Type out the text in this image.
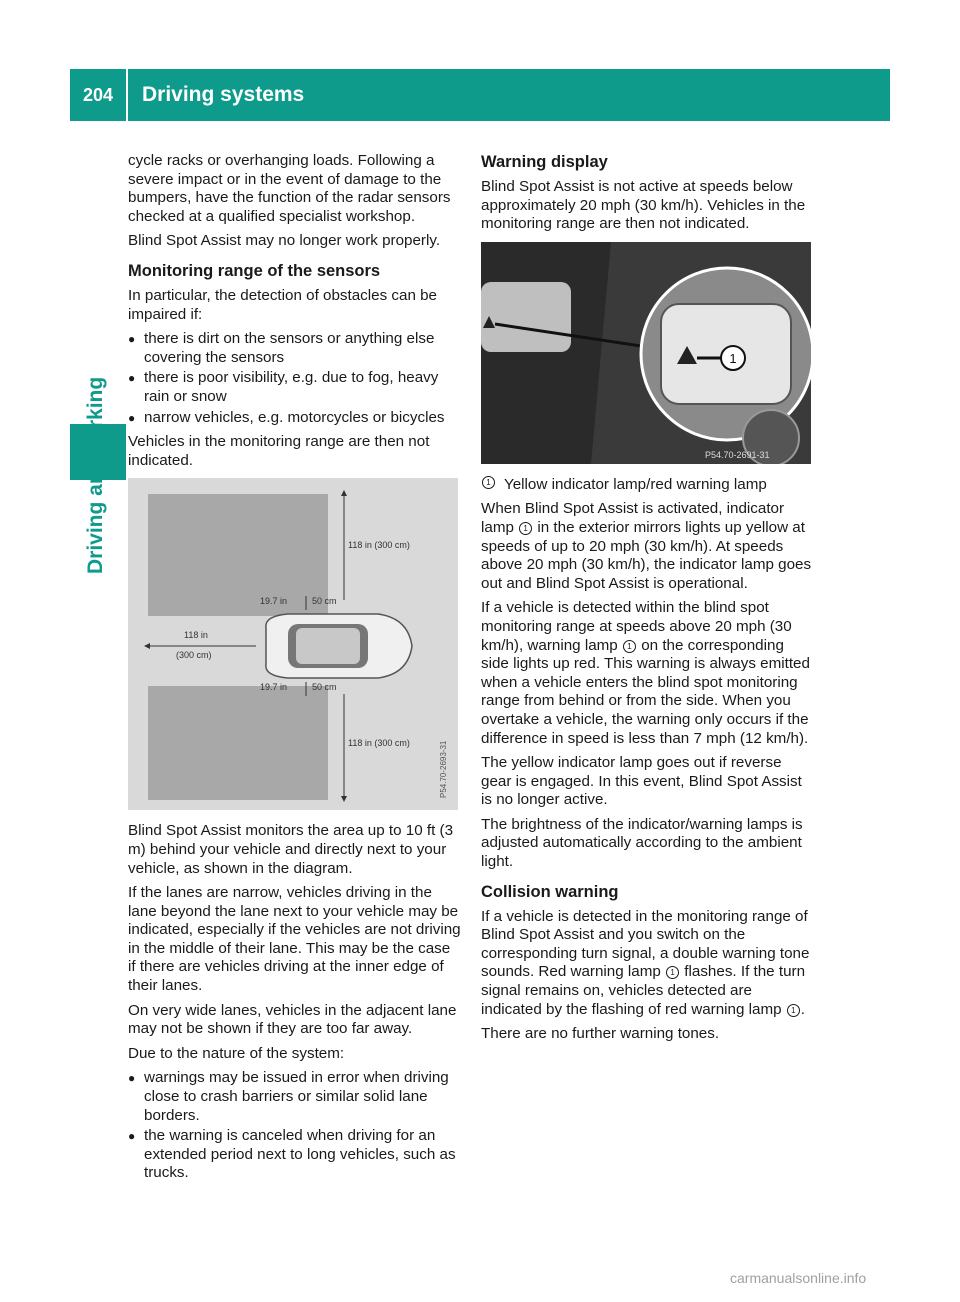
204	Driving systems

cycle racks or overhanging loads. Following a severe impact or in the event of damage to the bumpers, have the function of the radar sensors checked at a qualified specialist workshop.

Blind Spot Assist may no longer work properly.

Monitoring range of the sensors

In particular, the detection of obstacles can be impaired if:

● there is dirt on the sensors or anything else covering the sensors
● there is poor visibility, e.g. due to fog, heavy rain or snow
● narrow vehicles, e.g. motorcycles or bicycles

Vehicles in the monitoring range are then not indicated.

118 in (300 cm)
19.7 in	50 cm
118 in
(300 cm)
19.7 in	50 cm
118 in (300 cm)	P54.70-2693-31

Blind Spot Assist monitors the area up to 10 ft (3 m) behind your vehicle and directly next to your vehicle, as shown in the diagram.

If the lanes are narrow, vehicles driving in the lane beyond the lane next to your vehicle may be indicated, especially if the vehicles are not driving in the middle of their lane. This may be the case if there are vehicles driving at the inner edge of their lanes.

On very wide lanes, vehicles in the adjacent lane may not be shown if they are too far away.

Due to the nature of the system:

● warnings may be issued in error when driving close to crash barriers or similar solid lane borders.
● the warning is canceled when driving for an extended period next to long vehicles, such as trucks.
Warning display

Blind Spot Assist is not active at speeds below approximately 20 mph (30 km/h). Vehicles in the monitoring range are then not indicated.

1
P54.70-2691-31

1 Yellow indicator lamp/red warning lamp

When Blind Spot Assist is activated, indicator lamp 1 in the exterior mirrors lights up yellow at speeds of up to 20 mph (30 km/h). At speeds above 20 mph (30 km/h), the indicator lamp goes out and Blind Spot Assist is operational.

If a vehicle is detected within the blind spot monitoring range at speeds above 20 mph (30 km/h), warning lamp 1 on the corresponding side lights up red. This warning is always emitted when a vehicle enters the blind spot monitoring range from behind or from the side. When you overtake a vehicle, the warning only occurs if the difference in speed is less than 7 mph (12 km/h).

The yellow indicator lamp goes out if reverse gear is engaged. In this event, Blind Spot Assist is no longer active.

The brightness of the indicator/warning lamps is adjusted automatically according to the ambient light.

Collision warning

If a vehicle is detected in the monitoring range of Blind Spot Assist and you switch on the corresponding turn signal, a double warning tone sounds. Red warning lamp 1 flashes. If the turn signal remains on, vehicles detected are indicated by the flashing of red warning lamp 1 .

There are no further warning tones.

carmanualsonline.info
